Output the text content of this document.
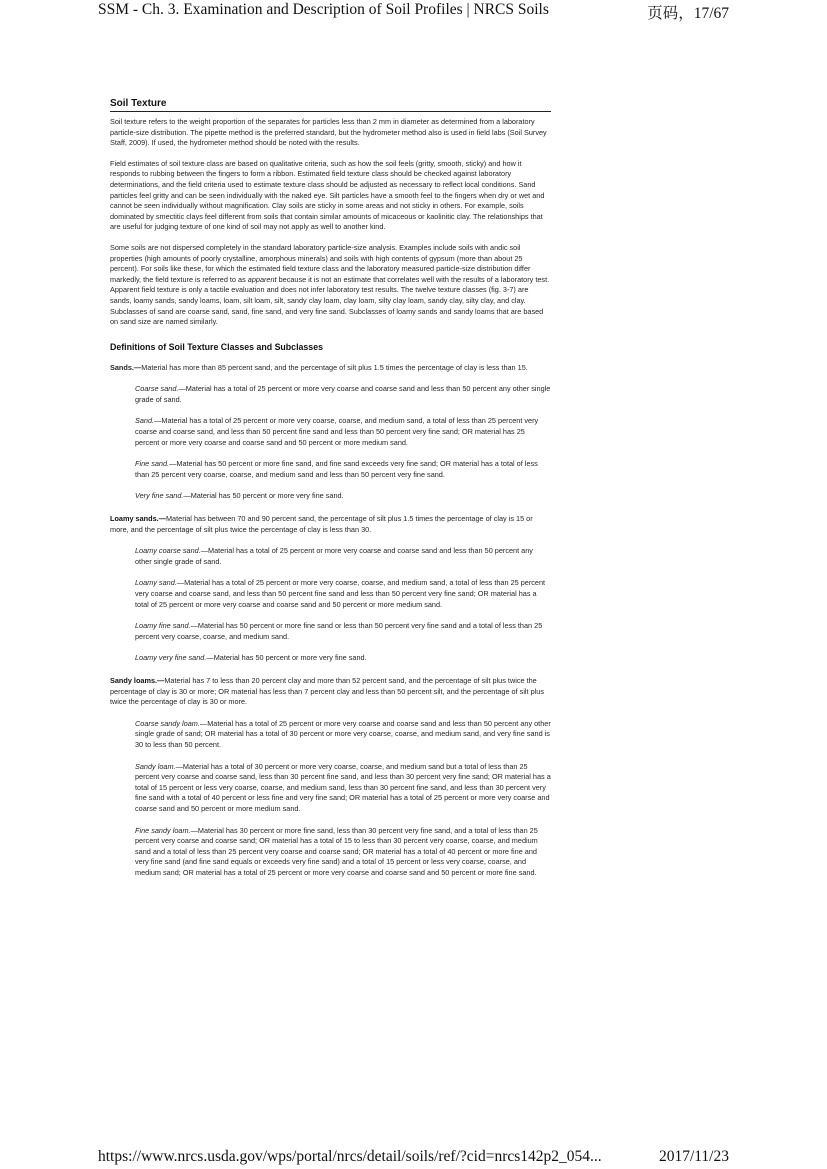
SSM - Ch. 3. Examination and Description of Soil Profiles | NRCS Soils	页码，17/67
Soil Texture

Soil texture refers to the weight proportion of the separates for particles less than 2 mm in diameter as determined from a laboratory particle-size distribution. The pipette method is the preferred standard, but the hydrometer method also is used in field labs (Soil Survey Staff, 2009). If used, the hydrometer method should be noted with the results.

Field estimates of soil texture class are based on qualitative criteria, such as how the soil feels (gritty, smooth, sticky) and how it responds to rubbing between the fingers to form a ribbon. Estimated field texture class should be checked against laboratory determinations, and the field criteria used to estimate texture class should be adjusted as necessary to reflect local conditions. Sand particles feel gritty and can be seen individually with the naked eye. Silt particles have a smooth feel to the fingers when dry or wet and cannot be seen individually without magnification. Clay soils are sticky in some areas and not sticky in others. For example, soils dominated by smectitic clays feel different from soils that contain similar amounts of micaceous or kaolinitic clay. The relationships that are useful for judging texture of one kind of soil may not apply as well to another kind.

Some soils are not dispersed completely in the standard laboratory particle-size analysis. Examples include soils with andic soil properties (high amounts of poorly crystalline, amorphous minerals) and soils with high contents of gypsum (more than about 25 percent). For soils like these, for which the estimated field texture class and the laboratory measured particle-size distribution differ markedly, the field texture is referred to as apparent because it is not an estimate that correlates well with the results of a laboratory test. Apparent field texture is only a tactile evaluation and does not infer laboratory test results. The twelve texture classes (fig. 3-7) are sands, loamy sands, sandy loams, loam, silt loam, silt, sandy clay loam, clay loam, silty clay loam, sandy clay, silty clay, and clay. Subclasses of sand are coarse sand, sand, fine sand, and very fine sand. Subclasses of loamy sands and sandy loams that are based on sand size are named similarly.

Definitions of Soil Texture Classes and Subclasses

Sands.—Material has more than 85 percent sand, and the percentage of silt plus 1.5 times the percentage of clay is less than 15.

Coarse sand.—Material has a total of 25 percent or more very coarse and coarse sand and less than 50 percent any other single grade of sand.

Sand.—Material has a total of 25 percent or more very coarse, coarse, and medium sand, a total of less than 25 percent very coarse and coarse sand, and less than 50 percent fine sand and less than 50 percent very fine sand; OR material has 25 percent or more very coarse and coarse sand and 50 percent or more medium sand.

Fine sand.—Material has 50 percent or more fine sand, and fine sand exceeds very fine sand; OR material has a total of less than 25 percent very coarse, coarse, and medium sand and less than 50 percent very fine sand.

Very fine sand.—Material has 50 percent or more very fine sand.

Loamy sands.—Material has between 70 and 90 percent sand, the percentage of silt plus 1.5 times the percentage of clay is 15 or more, and the percentage of silt plus twice the percentage of clay is less than 30.

Loamy coarse sand.—Material has a total of 25 percent or more very coarse and coarse sand and less than 50 percent any other single grade of sand.

Loamy sand.—Material has a total of 25 percent or more very coarse, coarse, and medium sand, a total of less than 25 percent very coarse and coarse sand, and less than 50 percent fine sand and less than 50 percent very fine sand; OR material has a total of 25 percent or more very coarse and coarse sand and 50 percent or more medium sand.

Loamy fine sand.—Material has 50 percent or more fine sand or less than 50 percent very fine sand and a total of less than 25 percent very coarse, coarse, and medium sand.

Loamy very fine sand.—Material has 50 percent or more very fine sand.

Sandy loams.—Material has 7 to less than 20 percent clay and more than 52 percent sand, and the percentage of silt plus twice the percentage of clay is 30 or more; OR material has less than 7 percent clay and less than 50 percent silt, and the percentage of silt plus twice the percentage of clay is 30 or more.

Coarse sandy loam.—Material has a total of 25 percent or more very coarse and coarse sand and less than 50 percent any other single grade of sand; OR material has a total of 30 percent or more very coarse, coarse, and medium sand, and very fine sand is 30 to less than 50 percent.

Sandy loam.—Material has a total of 30 percent or more very coarse, coarse, and medium sand but a total of less than 25 percent very coarse and coarse sand, less than 30 percent fine sand, and less than 30 percent very fine sand; OR material has a total of 15 percent or less very coarse, coarse, and medium sand, less than 30 percent fine sand, and less than 30 percent very fine sand with a total of 40 percent or less fine and very fine sand; OR material has a total of 25 percent or more very coarse and coarse sand and 50 percent or more medium sand.

Fine sandy loam.—Material has 30 percent or more fine sand, less than 30 percent very fine sand, and a total of less than 25 percent very coarse and coarse sand; OR material has a total of 15 to less than 30 percent very coarse, coarse, and medium sand and a total of less than 25 percent very coarse and coarse sand; OR material has a total of 40 percent or more fine and very fine sand (and fine sand equals or exceeds very fine sand) and a total of 15 percent or less very coarse, coarse, and medium sand; OR material has a total of 25 percent or more very coarse and coarse sand and 50 percent or more fine sand.

https://www.nrcs.usda.gov/wps/portal/nrcs/detail/soils/ref/?cid=nrcs142p2_054...	2017/11/23
